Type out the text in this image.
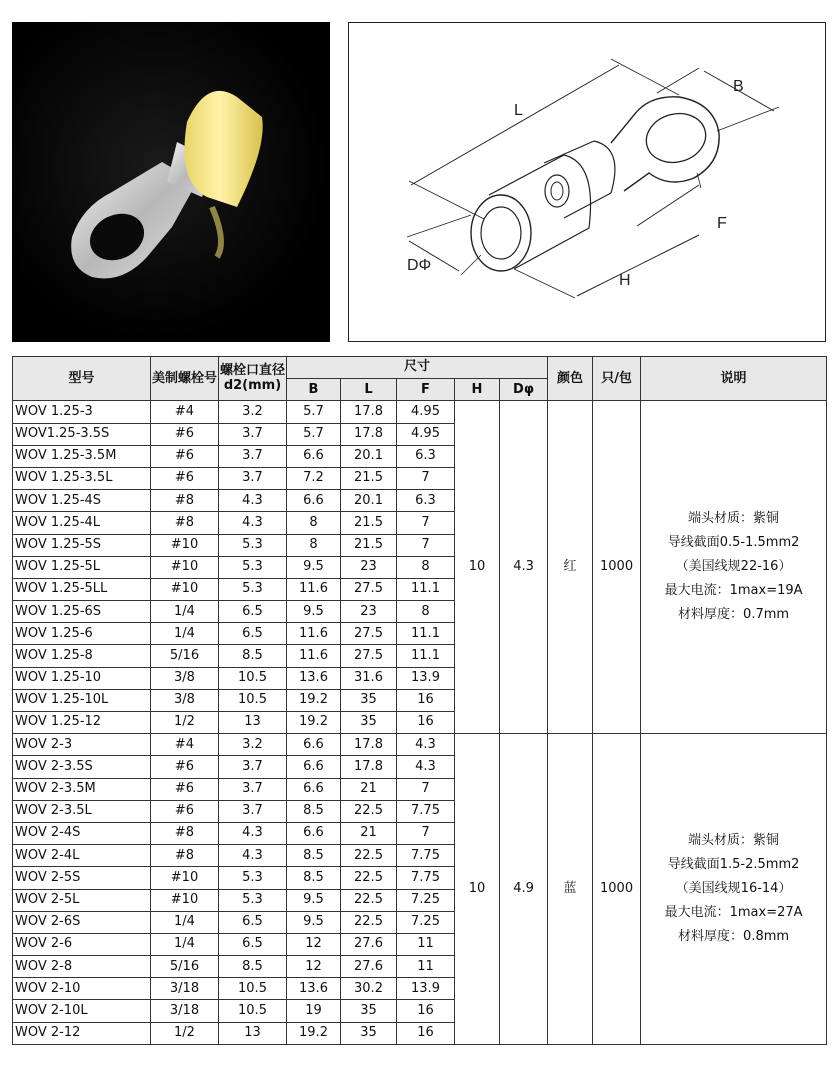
L
B
F
H
DΦ
型号	美制螺栓号	螺栓口直径d2(mm)	尺寸					颜色	只/包	说明
			B	L	F	H	Dφ			
WOV 1.25-3	#4	3.2	5.7	17.8	4.95	10	4.3	红	1000	端头材质：紫铜
导线截面0.5-1.5mm2
（美国线规22-16）
最大电流：1max=19A
材料厚度：0.7mm

WOV1.25-3.5S	#6	3.7	5.7	17.8	4.95					
WOV 1.25-3.5M	#6	3.7	6.6	20.1	6.3					
WOV 1.25-3.5L	#6	3.7	7.2	21.5	7					
WOV 1.25-4S	#8	4.3	6.6	20.1	6.3					
WOV 1.25-4L	#8	4.3	8	21.5	7					
WOV 1.25-5S	#10	5.3	8	21.5	7					
WOV 1.25-5L	#10	5.3	9.5	23	8					
WOV 1.25-5LL	#10	5.3	11.6	27.5	11.1					
WOV 1.25-6S	1/4	6.5	9.5	23	8					
WOV 1.25-6	1/4	6.5	11.6	27.5	11.1					
WOV 1.25-8	5/16	8.5	11.6	27.5	11.1					
WOV 1.25-10	3/8	10.5	13.6	31.6	13.9					
WOV 1.25-10L	3/8	10.5	19.2	35	16					
WOV 1.25-12	1/2	13	19.2	35	16					
WOV 2-3	#4	3.2	6.6	17.8	4.3	10	4.9	蓝	1000	端头材质：紫铜
导线截面1.5-2.5mm2
（美国线规16-14）
最大电流：1max=27A
材料厚度：0.8mm

WOV 2-3.5S	#6	3.7	6.6	17.8	4.3					
WOV 2-3.5M	#6	3.7	6.6	21	7					
WOV 2-3.5L	#6	3.7	8.5	22.5	7.75					
WOV 2-4S	#8	4.3	6.6	21	7					
WOV 2-4L	#8	4.3	8.5	22.5	7.75					
WOV 2-5S	#10	5.3	8.5	22.5	7.75					
WOV 2-5L	#10	5.3	9.5	22.5	7.25					
WOV 2-6S	1/4	6.5	9.5	22.5	7.25					
WOV 2-6	1/4	6.5	12	27.6	11					
WOV 2-8	5/16	8.5	12	27.6	11					
WOV 2-10	3/18	10.5	13.6	30.2	13.9					
WOV 2-10L	3/18	10.5	19	35	16					
WOV 2-12	1/2	13	19.2	35	16					
